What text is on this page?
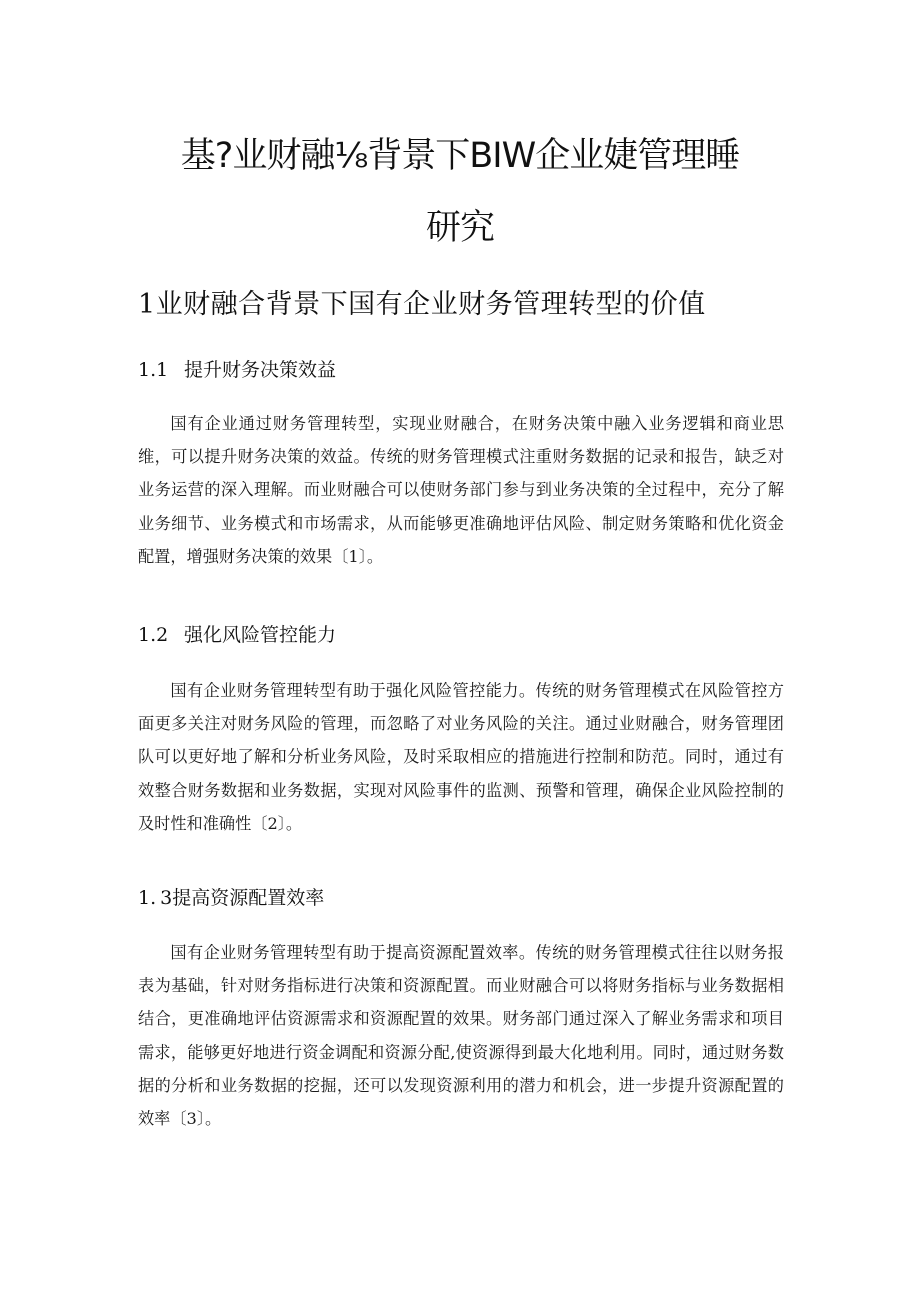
基?业财融⅛背景下BIW企业婕管理睡
研究
1业财融合背景下国有企业财务管理转型的价值
1.1 提升财务决策效益

国有企业通过财务管理转型，实现业财融合，在财务决策中融入业务逻辑和商业思维，可以提升财务决策的效益。传统的财务管理模式注重财务数据的记录和报告，缺乏对业务运营的深入理解。而业财融合可以使财务部门参与到业务决策的全过程中，充分了解业务细节、业务模式和市场需求，从而能够更准确地评估风险、制定财务策略和优化资金配置，增强财务决策的效果〔1〕。

1.2 强化风险管控能力

国有企业财务管理转型有助于强化风险管控能力。传统的财务管理模式在风险管控方面更多关注对财务风险的管理，而忽略了对业务风险的关注。通过业财融合，财务管理团队可以更好地了解和分析业务风险，及时采取相应的措施进行控制和防范。同时，通过有效整合财务数据和业务数据，实现对风险事件的监测、预警和管理，确保企业风险控制的及时性和准确性〔2〕。

1. 3提高资源配置效率

国有企业财务管理转型有助于提高资源配置效率。传统的财务管理模式往往以财务报表为基础，针对财务指标进行决策和资源配置。而业财融合可以将财务指标与业务数据相结合，更准确地评估资源需求和资源配置的效果。财务部门通过深入了解业务需求和项目需求，能够更好地进行资金调配和资源分配,使资源得到最大化地利用。同时，通过财务数据的分析和业务数据的挖掘，还可以发现资源利用的潜力和机会，进一步提升资源配置的效率〔3〕。
